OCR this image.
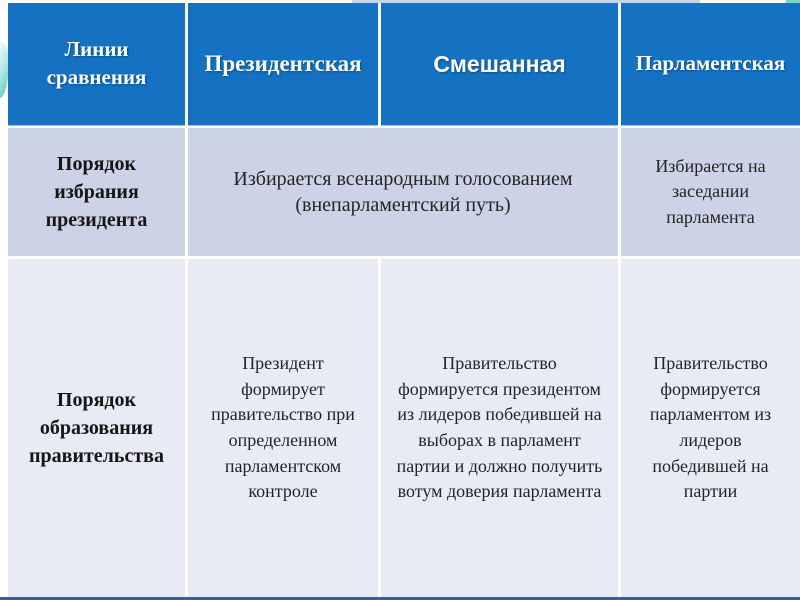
Линии сравнения
Президентская	Смешанная	Парламентская
Порядок избрания президента
Избирается всенародным голосованием (внепарламентский путь)
Избирается на заседании парламента
Порядок образования правительства
Президент формирует правительство при определенном парламентском контроле
Правительство формируется президентом из лидеров победившей на выборах в парламент партии и должно получить вотум доверия парламента
Правительство формируется парламентом из лидеров победившей на партии
